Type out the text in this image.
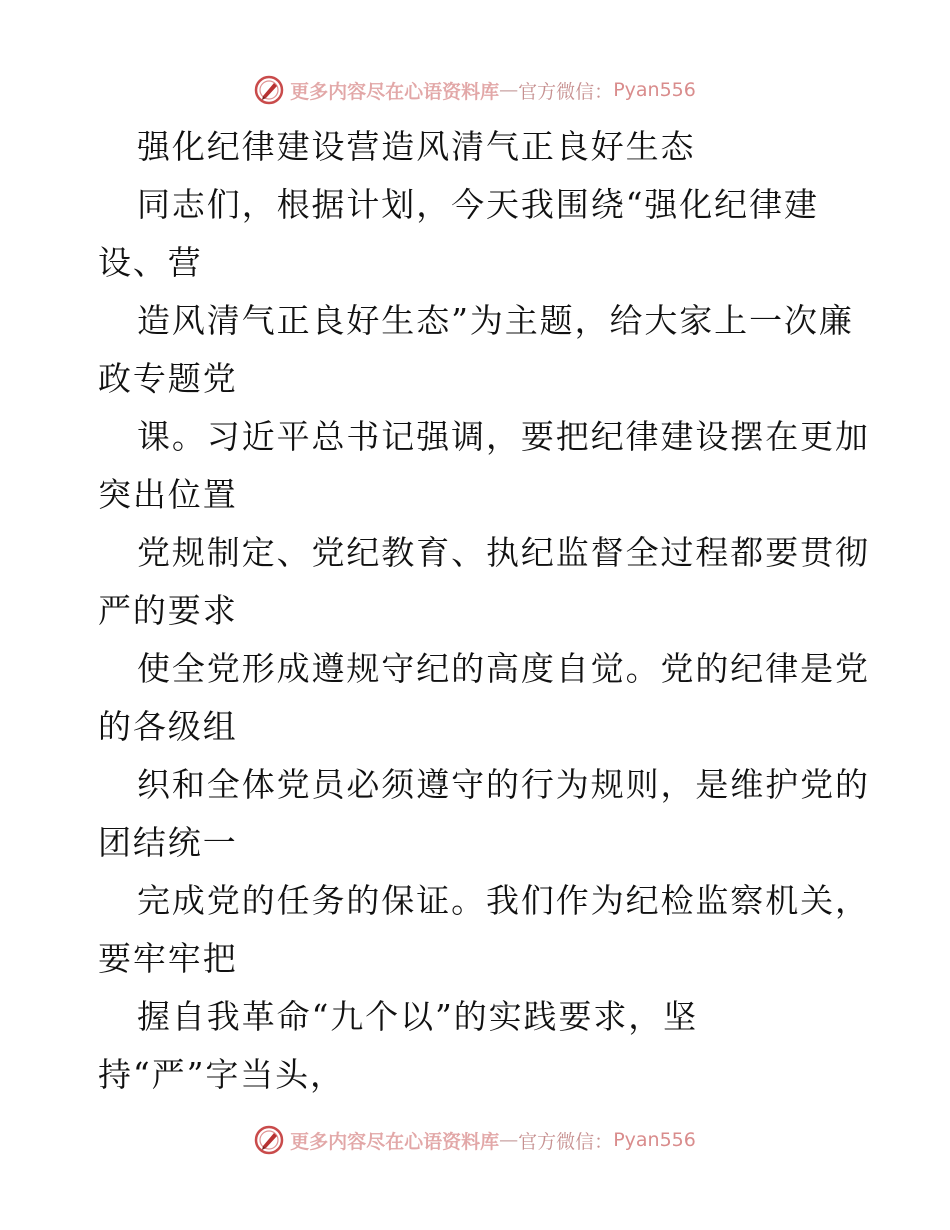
更多内容尽在心语资料库 — 官方微信： Pyan556
强化纪律建设营造风清气正良好生态
同志们，根据计划，今天我围绕“强化纪律建
设、营
造风清气正良好生态”为主题，给大家上一次廉
政专题党
课。习近平总书记强调，要把纪律建设摆在更加
突出位置
党规制定、党纪教育、执纪监督全过程都要贯彻
严的要求
使全党形成遵规守纪的高度自觉。党的纪律是党
的各级组
织和全体党员必须遵守的行为规则，是维护党的
团结统一
完成党的任务的保证。我们作为纪检监察机关，
要牢牢把
握自我革命“九个以”的实践要求，坚
持“严”字当头，
更多内容尽在心语资料库 — 官方微信： Pyan556
